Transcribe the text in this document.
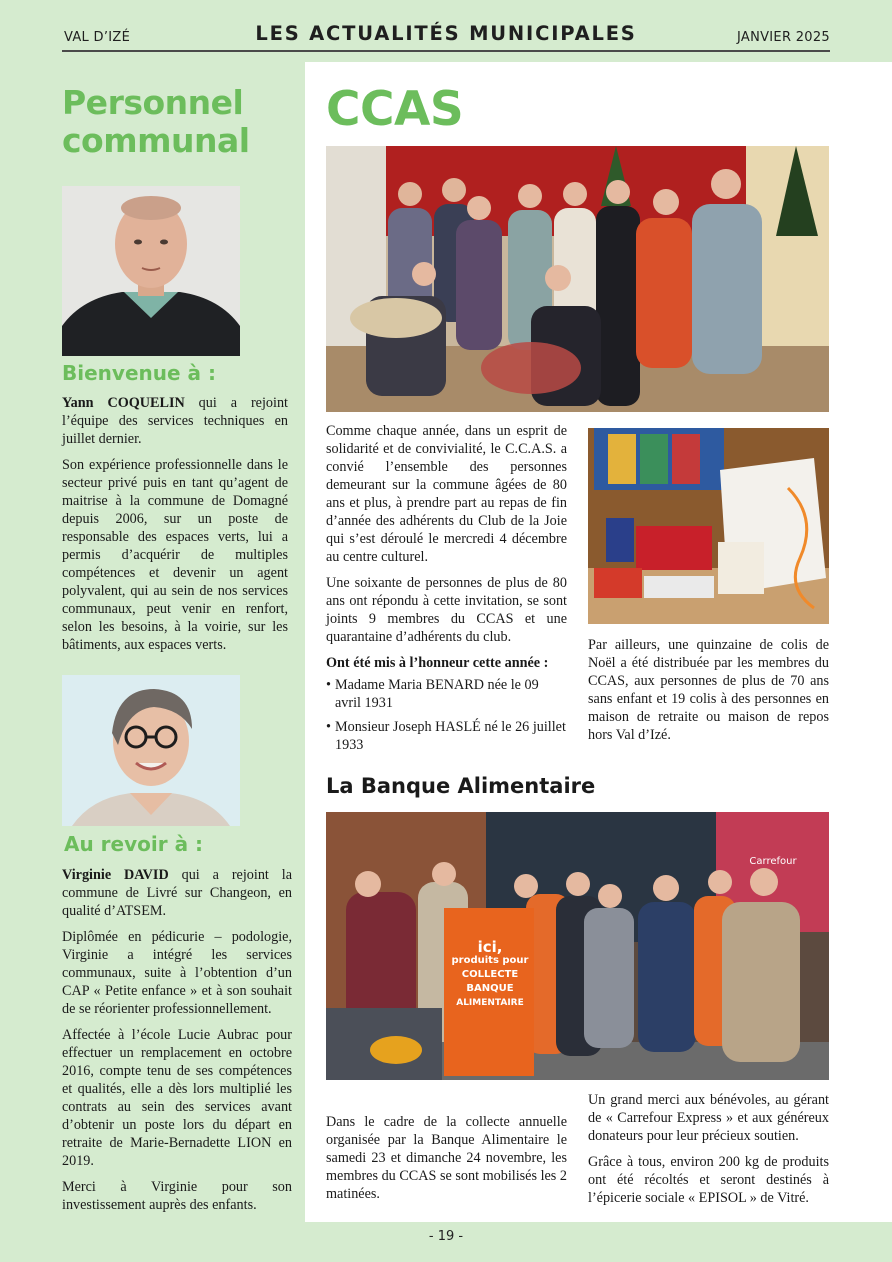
VAL D’IZÉ	LES ACTUALITÉS MUNICIPALES	JANVIER 2025
- 19 -
Personnel
communal
Bienvenue à :

Yann COQUELIN qui a rejoint l’équipe des services techniques en juillet dernier.

Son expérience professionnelle dans le secteur privé puis en tant qu’agent de maitrise à la commune de Domagné depuis 2006, sur un poste de responsable des espaces verts, lui a permis d’acquérir de multiples compétences et devenir un agent polyvalent, qui au sein de nos services communaux, peut venir en renfort, selon les besoins, à la voirie, sur les bâtiments, aux espaces verts.

Au revoir à :

Virginie DAVID qui a rejoint la commune de Livré sur Changeon, en qualité d’ATSEM.

Diplômée en pédicurie – podologie, Virginie a intégré les services communaux, suite à l’obtention d’un CAP « Petite enfance » et à son souhait de se réorienter professionnellement.

Affectée à l’école Lucie Aubrac pour effectuer un remplacement en octobre 2016, compte tenu de ses compétences et qualités, elle a dès lors multiplié les contrats au sein des services avant d’obtenir un poste lors du départ en retraite de Marie-Bernadette LION en 2019.

Merci à Virginie pour son investissement auprès des enfants.

CCAS

Comme chaque année, dans un esprit de solidarité et de convivialité, le C.C.A.S. a convié l’ensemble des personnes demeurant sur la commune âgées de 80 ans et plus, à prendre part au repas de fin d’année des adhérents du Club de la Joie qui s’est déroulé le mercredi 4 décembre au centre culturel.

Une soixante de personnes de plus de 80 ans ont répondu à cette invitation, se sont joints 9 membres du CCAS et une quarantaine d’adhérents du club.

Ont été mis à l’honneur cette année :

• Madame Maria BENARD née le 09 avril 1931
• Monsieur Joseph HASLÉ né le 26 juillet 1933

Par ailleurs, une quinzaine de colis de Noël a été distribuée par les membres du CCAS, aux personnes de plus de 70 ans sans enfant et 19 colis à des personnes en maison de retraite ou maison de repos hors Val d’Izé.

La Banque Alimentaire
ici,
produits pour
COLLECTE
BANQUE
ALIMENTAIRE
Carrefour

Dans le cadre de la collecte annuelle organisée par la Banque Alimentaire le samedi 23 et dimanche 24 novembre, les membres du CCAS se sont mobilisés les 2 matinées.

Un grand merci aux bénévoles, au gérant de « Carrefour Express » et aux généreux donateurs pour leur précieux soutien.

Grâce à tous, environ 200 kg de produits ont été récoltés et seront destinés à l’épicerie sociale « EPISOL » de Vitré.
